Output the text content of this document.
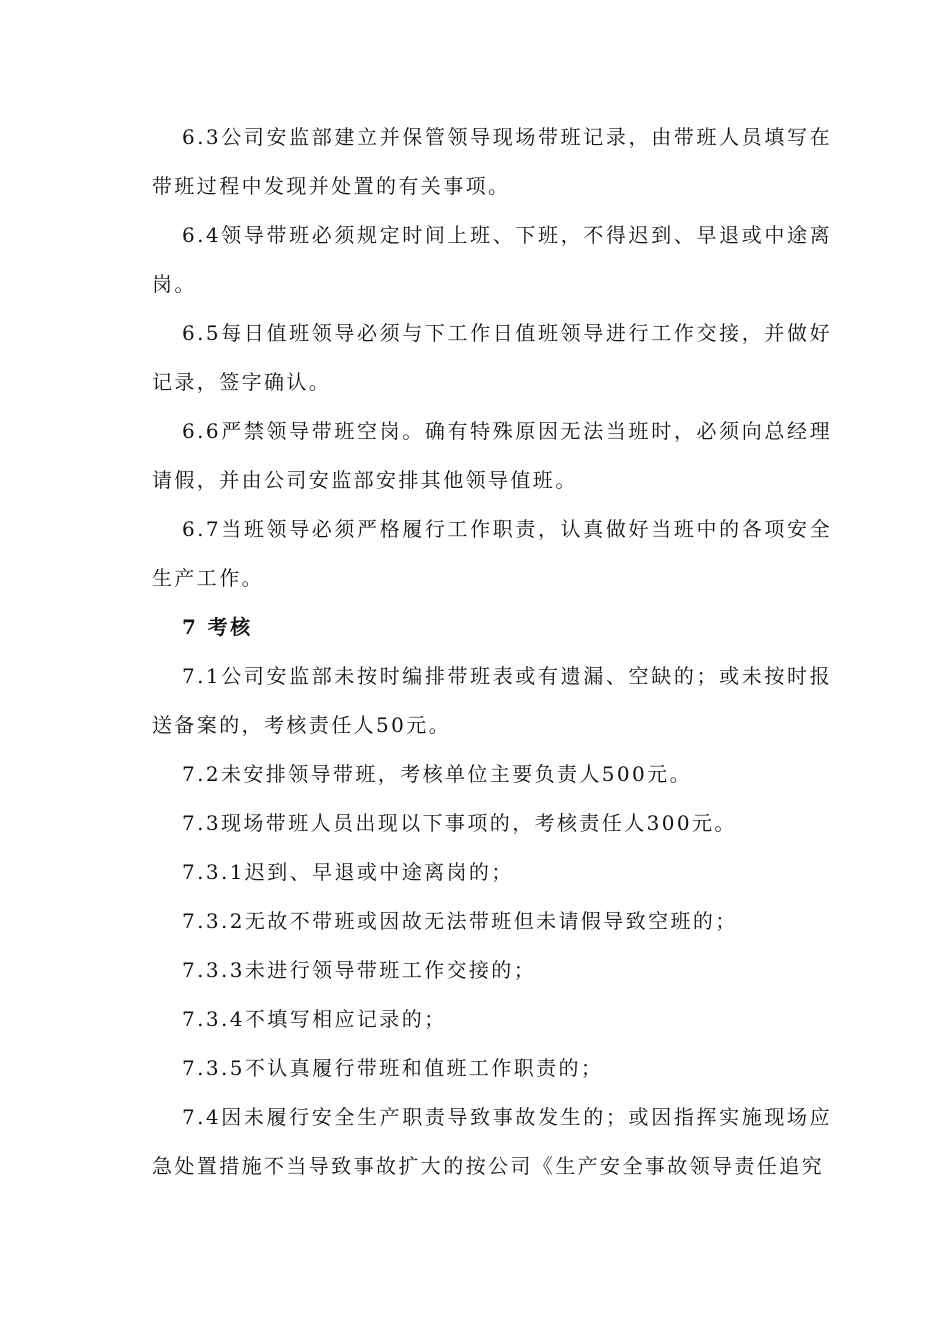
6.3公司安监部建立并保管领导现场带班记录，由带班人员填写在带班过程中发现并处置的有关事项。

6.4领导带班必须规定时间上班、下班，不得迟到、早退或中途离岗。

6.5每日值班领导必须与下工作日值班领导进行工作交接，并做好记录，签字确认。

6.6严禁领导带班空岗。确有特殊原因无法当班时，必须向总经理请假，并由公司安监部安排其他领导值班。

6.7当班领导必须严格履行工作职责，认真做好当班中的各项安全生产工作。

7 考核

7.1公司安监部未按时编排带班表或有遗漏、空缺的；或未按时报送备案的，考核责任人50元。

7.2未安排领导带班，考核单位主要负责人500元。

7.3现场带班人员出现以下事项的，考核责任人300元。

7.3.1迟到、早退或中途离岗的；

7.3.2无故不带班或因故无法带班但未请假导致空班的；

7.3.3未进行领导带班工作交接的；

7.3.4不填写相应记录的；

7.3.5不认真履行带班和值班工作职责的；

7.4因未履行安全生产职责导致事故发生的；或因指挥实施现场应急处置措施不当导致事故扩大的按公司《生产安全事故领导责任追究
